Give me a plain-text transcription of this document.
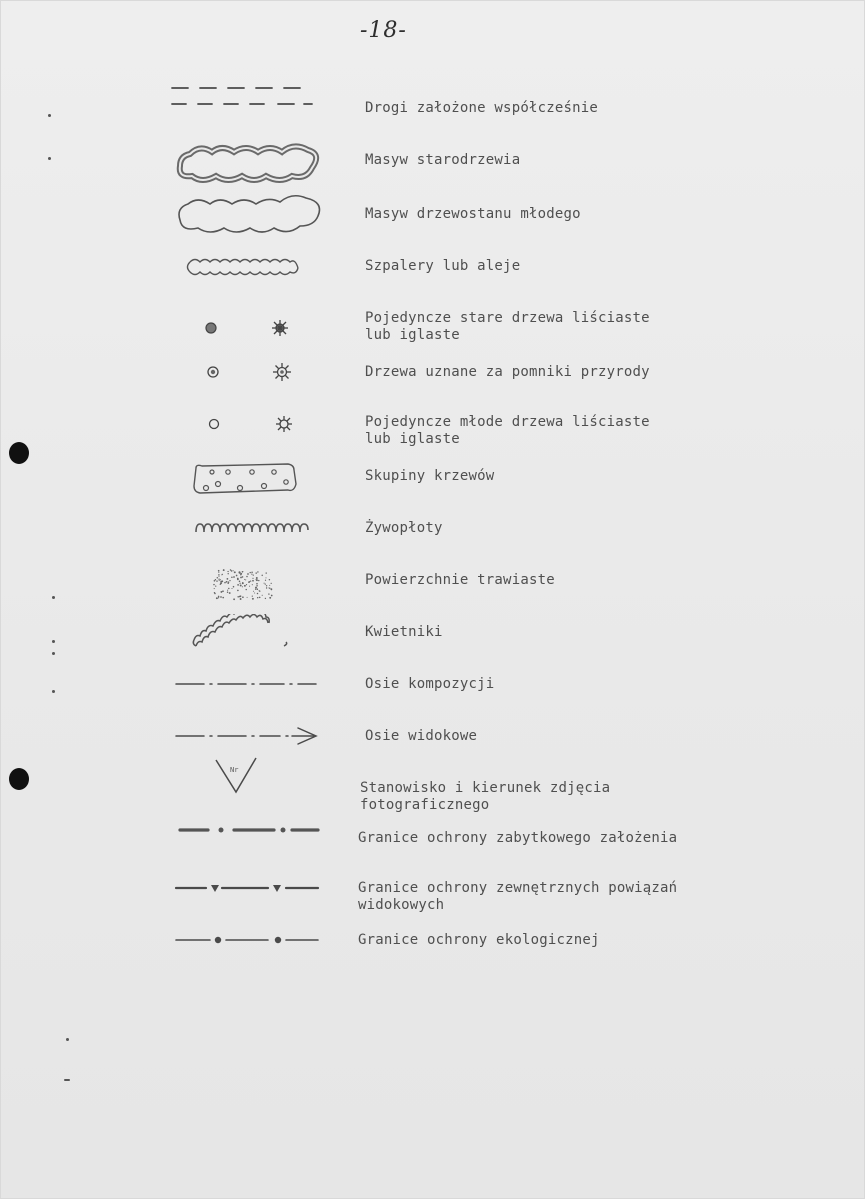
-18-
Drogi założone współcześnie
Masyw starodrzewia
Masyw drzewostanu młodego
Szpalery lub aleje
Pojedyncze stare drzewa liściaste
lub iglaste
Drzewa uznane za pomniki przyrody
Pojedyncze młode drzewa liściaste
lub iglaste
Skupiny krzewów
Żywopłoty
Powierzchnie trawiaste
Kwietniki
Osie kompozycji
Osie widokowe
Nr
Stanowisko i kierunek zdjęcia
fotograficznego
Granice ochrony zabytkowego założenia
Granice ochrony zewnętrznych powiązań
widokowych
Granice ochrony ekologicznej
